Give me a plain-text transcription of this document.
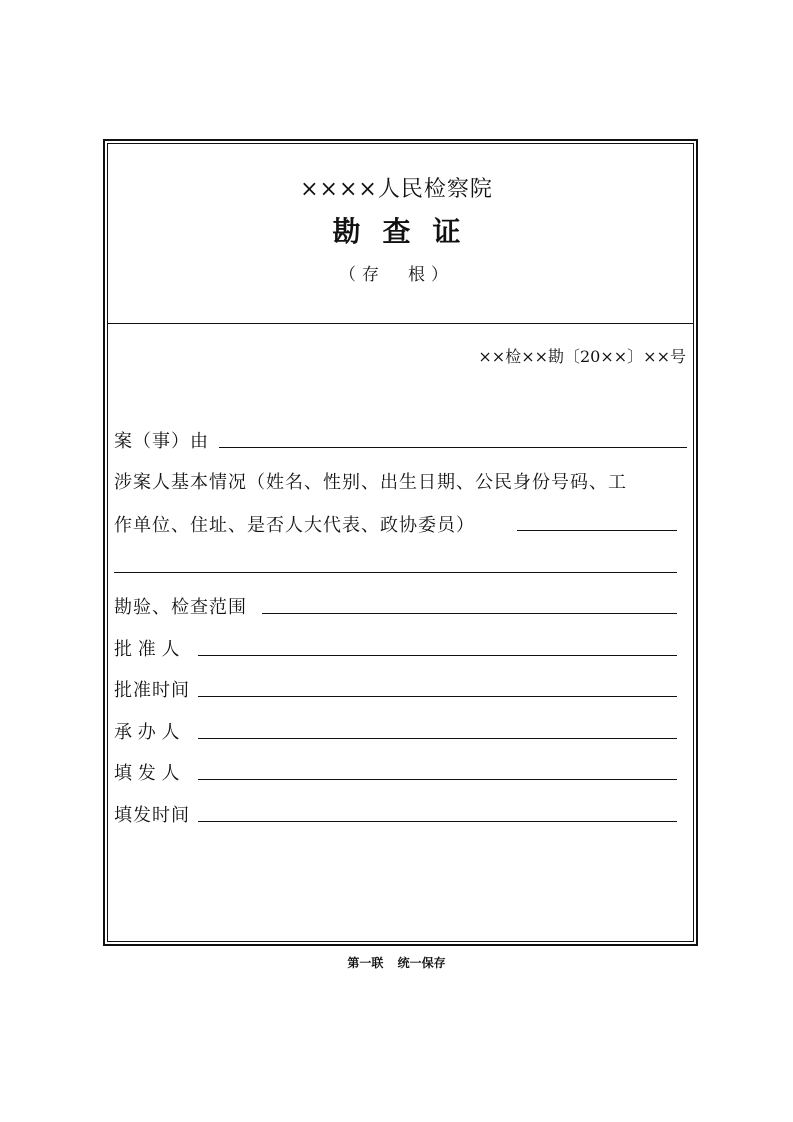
××××人民检察院
勘查证
（存　根）
××检××勘〔20××〕××号
案（事）由
涉案人基本情况（姓名、性别、出生日期、公民身份号码、工
作单位、住址、是否人大代表、政协委员）
勘验、检查范围
批 准 人
批准时间
承 办 人
填 发 人
填发时间
第一联 统一保存
